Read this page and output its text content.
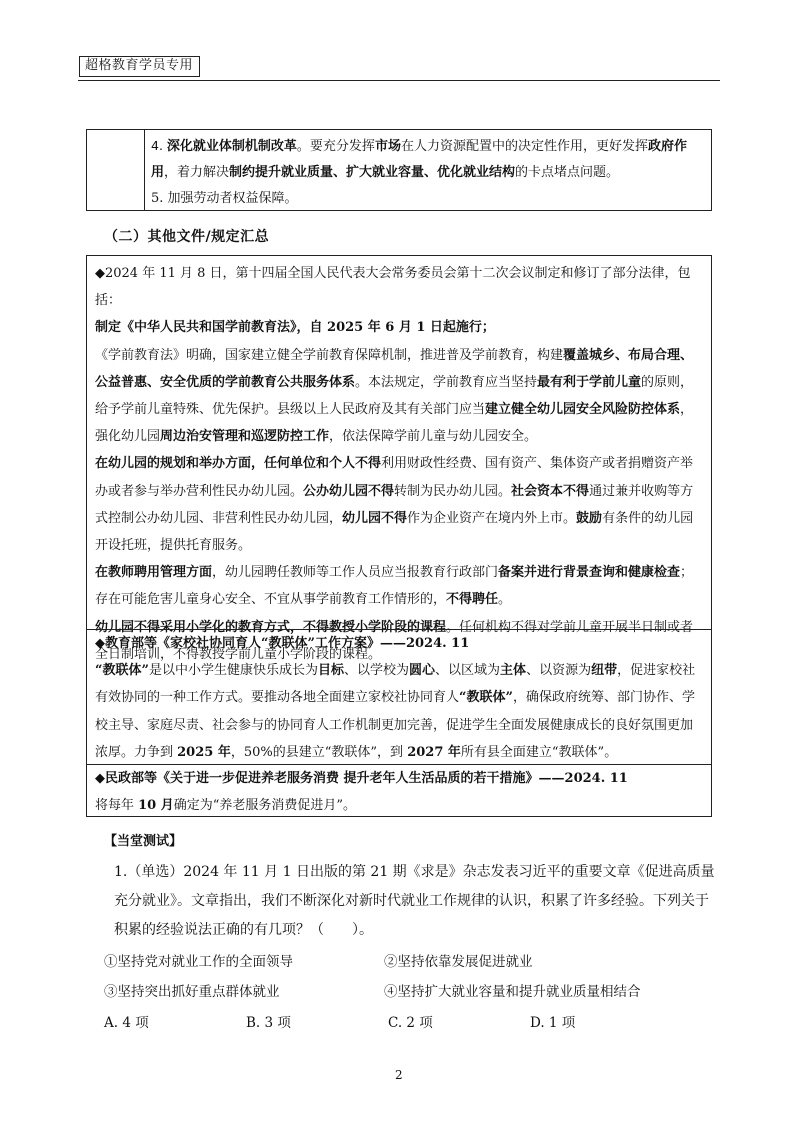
超格教育学员专用
4. 深化就业体制机制改革。要充分发挥市场在人力资源配置中的决定性作用，更好发挥政府作
用，着力解决制约提升就业质量、扩大就业容量、优化就业结构的卡点堵点问题。
5. 加强劳动者权益保障。
（二）其他文件/规定汇总

◆2024 年 11 月 8 日，第十四届全国人民代表大会常务委员会第十二次会议制定和修订了部分法律，包括：

制定《中华人民共和国学前教育法》，自 2025 年 6 月 1 日起施行；

《学前教育法》明确，国家建立健全学前教育保障机制，推进普及学前教育，构建覆盖城乡、布局合理、公益普惠、安全优质的学前教育公共服务体系。本法规定，学前教育应当坚持最有利于学前儿童的原则，给予学前儿童特殊、优先保护。县级以上人民政府及其有关部门应当建立健全幼儿园安全风险防控体系，强化幼儿园周边治安管理和巡逻防控工作，依法保障学前儿童与幼儿园安全。

在幼儿园的规划和举办方面，任何单位和个人不得利用财政性经费、国有资产、集体资产或者捐赠资产举办或者参与举办营利性民办幼儿园。公办幼儿园不得转制为民办幼儿园。社会资本不得通过兼并收购等方式控制公办幼儿园、非营利性民办幼儿园，幼儿园不得作为企业资产在境内外上市。鼓励有条件的幼儿园开设托班，提供托育服务。

在教师聘用管理方面，幼儿园聘任教师等工作人员应当报教育行政部门备案并进行背景查询和健康检查；存在可能危害儿童身心安全、不宜从事学前教育工作情形的，不得聘任。

幼儿园不得采用小学化的教育方式，不得教授小学阶段的课程。任何机构不得对学前儿童开展半日制或者全日制培训，不得教授学前儿童小学阶段的课程。

◆教育部等《家校社协同育人“教联体”工作方案》——2024. 11

“教联体”是以中小学生健康快乐成长为目标、以学校为圆心、以区域为主体、以资源为纽带，促进家校社有效协同的一种工作方式。要推动各地全面建立家校社协同育人“教联体”，确保政府统筹、部门协作、学校主导、家庭尽责、社会参与的协同育人工作机制更加完善，促进学生全面发展健康成长的良好氛围更加浓厚。力争到 2025 年，50%的县建立“教联体”，到 2027 年所有县全面建立“教联体”。

◆民政部等《关于进一步促进养老服务消费 提升老年人生活品质的若干措施》——2024. 11

将每年 10 月确定为“养老服务消费促进月”。

【当堂测试】
1.（单选）2024 年 11 月 1 日出版的第 21 期《求是》杂志发表习近平的重要文章《促进高质量充分就业》。文章指出，我们不断深化对新时代就业工作规律的认识，积累了许多经验。下列关于积累的经验说法正确的有几项？（　　）。
①坚持党对就业工作的全面领导	②坚持依靠发展促进就业
③坚持突出抓好重点群体就业	④坚持扩大就业容量和提升就业质量相结合
A. 4 项	B. 3 项	C. 2 项	D. 1 项
2
